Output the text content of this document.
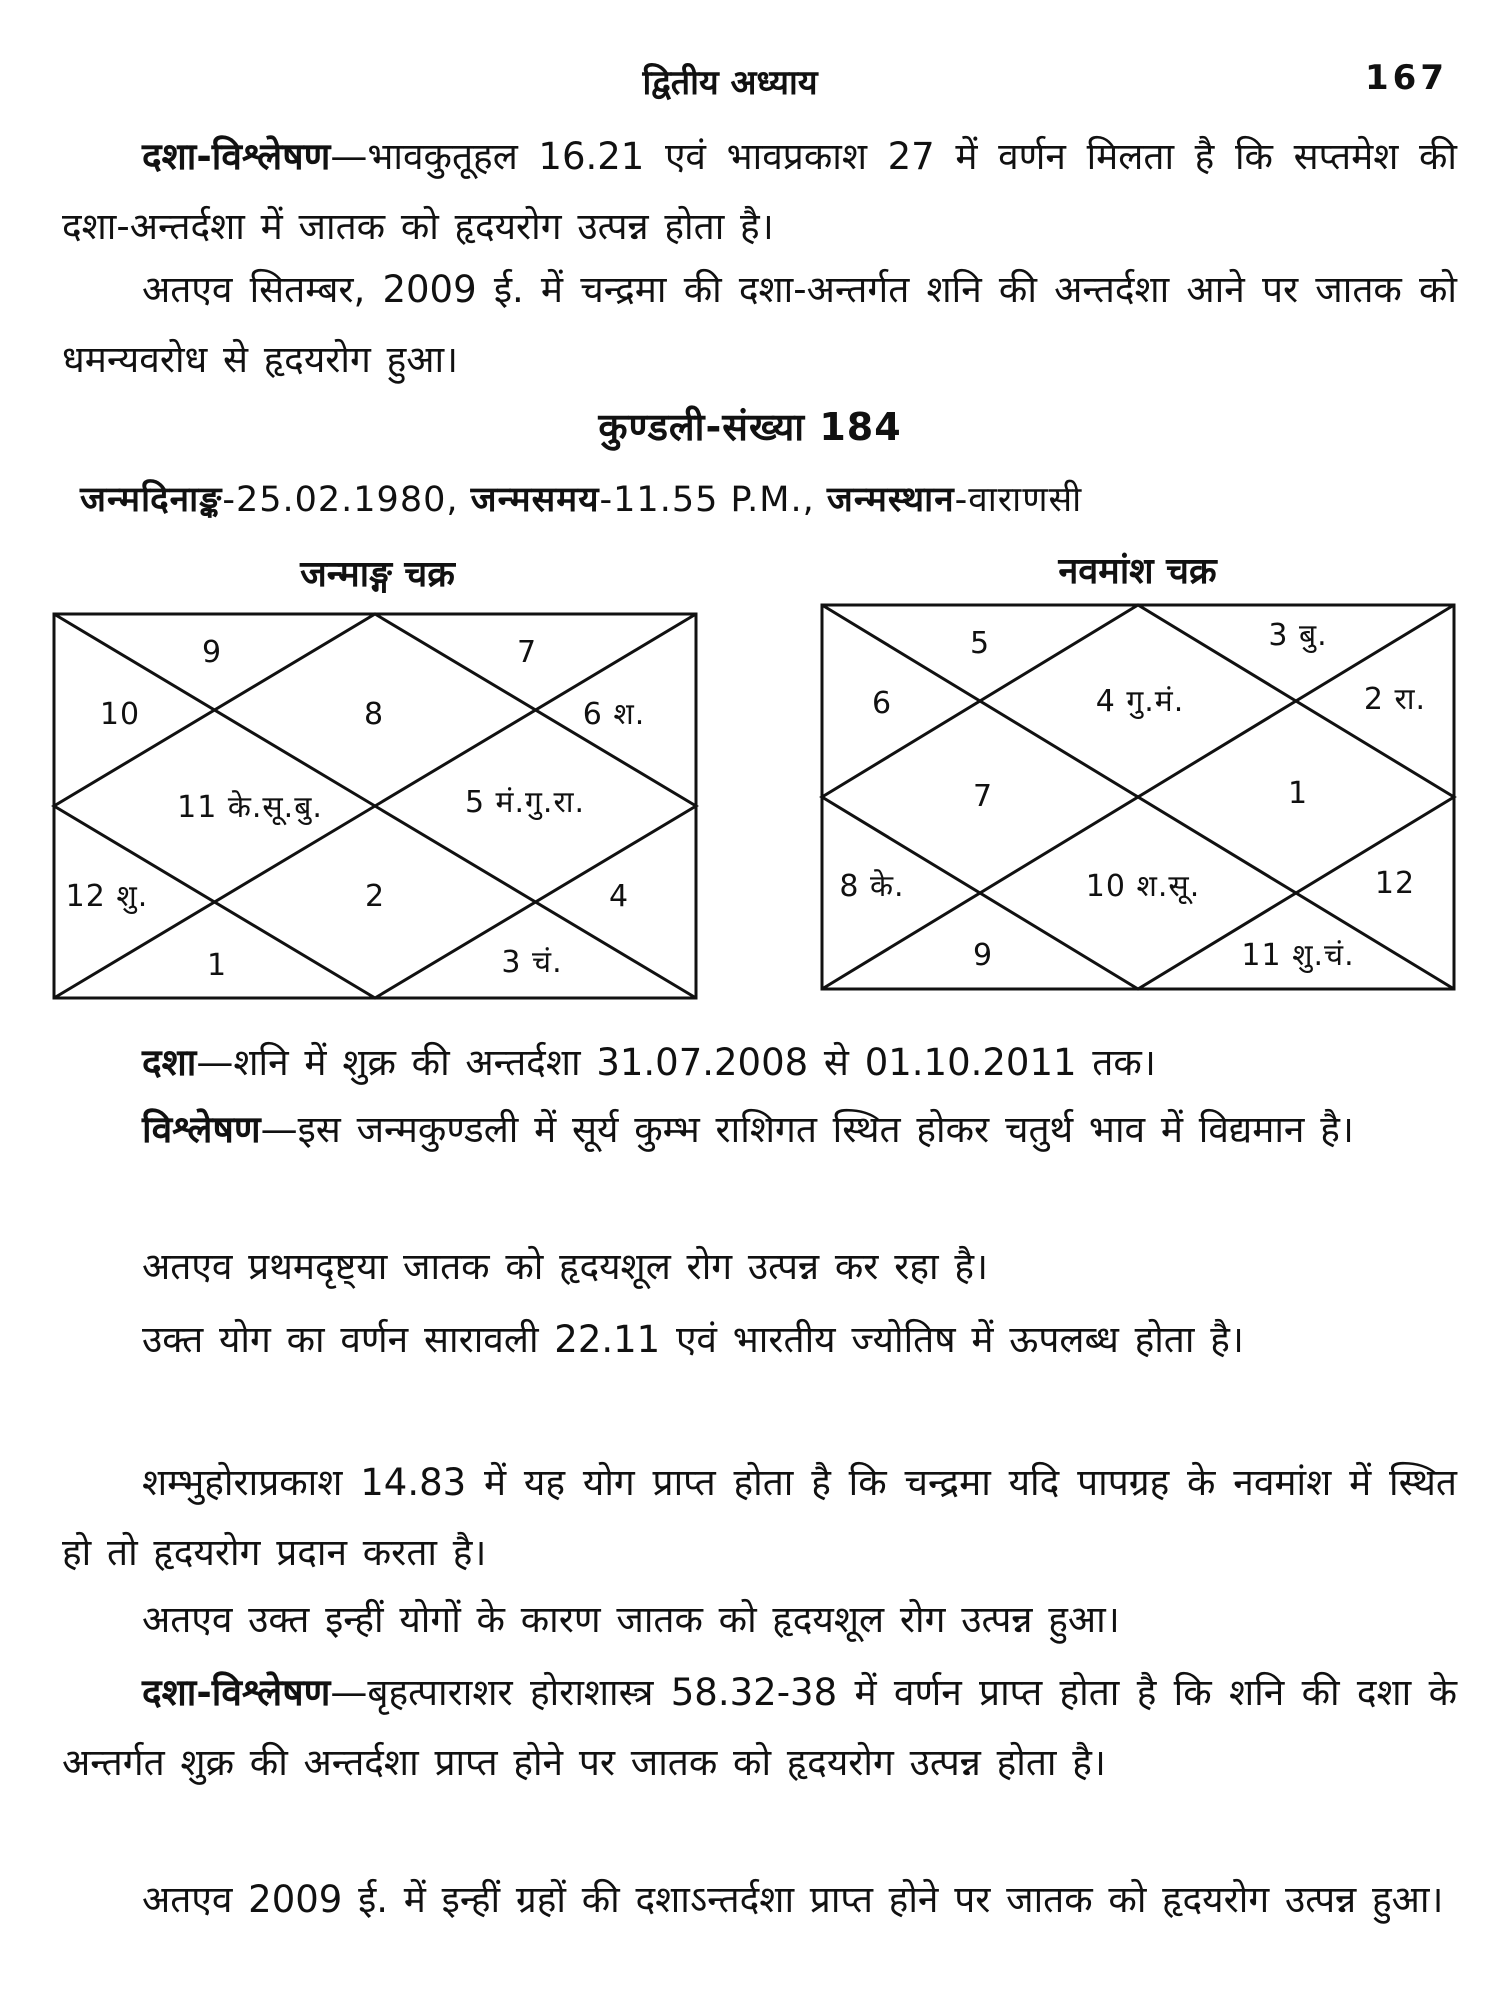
द्वितीय अध्याय	167
दशा-विश्लेषण—भावकुतूहल 16.21 एवं भावप्रकाश 27 में वर्णन मिलता है कि सप्तमेश की दशा-अन्तर्दशा में जातक को हृदयरोग उत्पन्न होता है।
अतएव सितम्बर, 2009 ई. में चन्द्रमा की दशा-अन्तर्गत शनि की अन्तर्दशा आने पर जातक को धमन्यवरोध से हृदयरोग हुआ।
कुण्डली-संख्या 184
जन्मदिनाङ्क-25.02.1980, जन्मसमय-11.55 P.M., जन्मस्थान-वाराणसी
जन्माङ्ग चक्र	नवमांश चक्र
9	7
10	8	6 श.
11 के.सू.बु.	5 मं.गु.रा.
12 शु.	2	4
1	3 चं.
5	3 बु.
6	4 गु.मं.	2 रा.
7	1
8 के.	10 श.सू.	12
9	11 शु.चं.
दशा—शनि में शुक्र की अन्तर्दशा 31.07.2008 से 01.10.2011 तक।
विश्लेषण—इस जन्मकुण्डली में सूर्य कुम्भ राशिगत स्थित होकर चतुर्थ भाव में विद्यमान है।
अतएव प्रथमदृष्ट्या जातक को हृदयशूल रोग उत्पन्न कर रहा है।
उक्त योग का वर्णन सारावली 22.11 एवं भारतीय ज्योतिष में ऊपलब्ध होता है।
शम्भुहोराप्रकाश 14.83 में यह योग प्राप्त होता है कि चन्द्रमा यदि पापग्रह के नवमांश में स्थित हो तो हृदयरोग प्रदान करता है।
अतएव उक्त इन्हीं योगों के कारण जातक को हृदयशूल रोग उत्पन्न हुआ।
दशा-विश्लेषण—बृहत्पाराशर होराशास्त्र 58.32-38 में वर्णन प्राप्त होता है कि शनि की दशा के अन्तर्गत शुक्र की अन्तर्दशा प्राप्त होने पर जातक को हृदयरोग उत्पन्न होता है।
अतएव 2009 ई. में इन्हीं ग्रहों की दशाऽन्तर्दशा प्राप्त होने पर जातक को हृदयरोग उत्पन्न हुआ।
